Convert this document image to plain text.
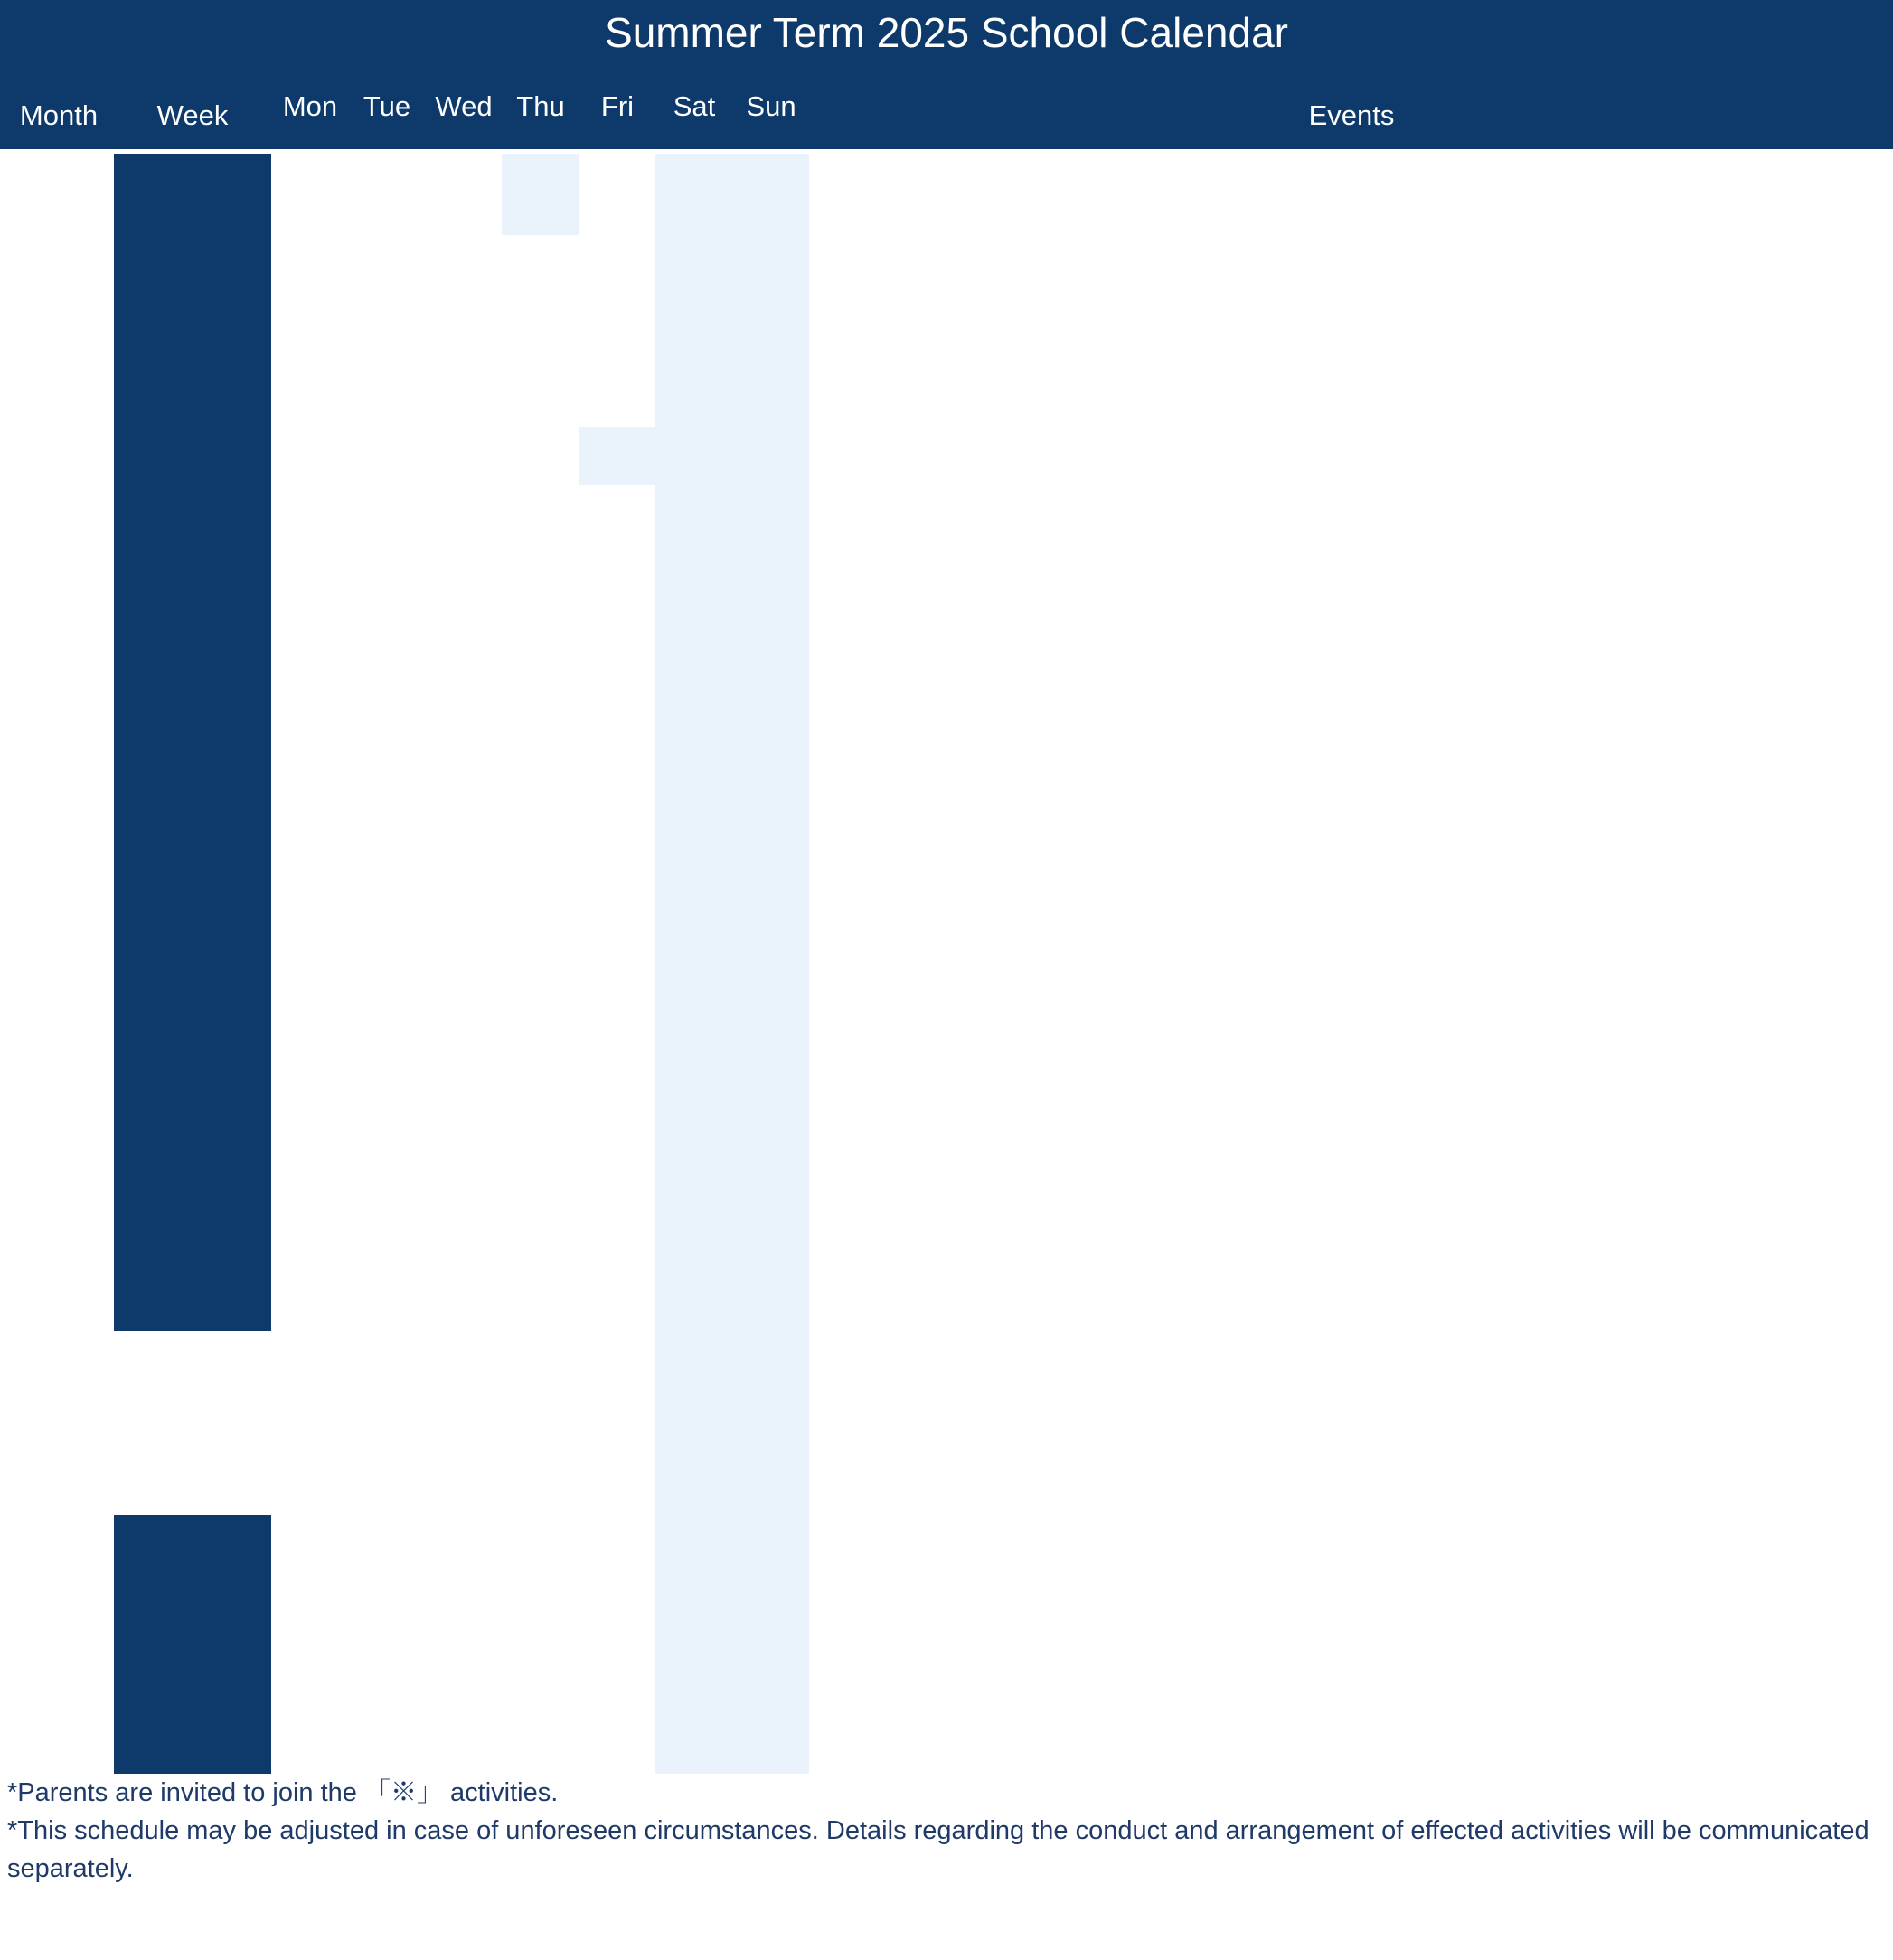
Summer Term 2025 School Calendar
Month Week Mon Tue Wed Thu Fri Sat Sun	Events

*Parents are invited to join the 「※」 activities.

*This schedule may be adjusted in case of unforeseen circumstances. Details regarding the conduct and arrangement of effected activities will be communicated separately.
